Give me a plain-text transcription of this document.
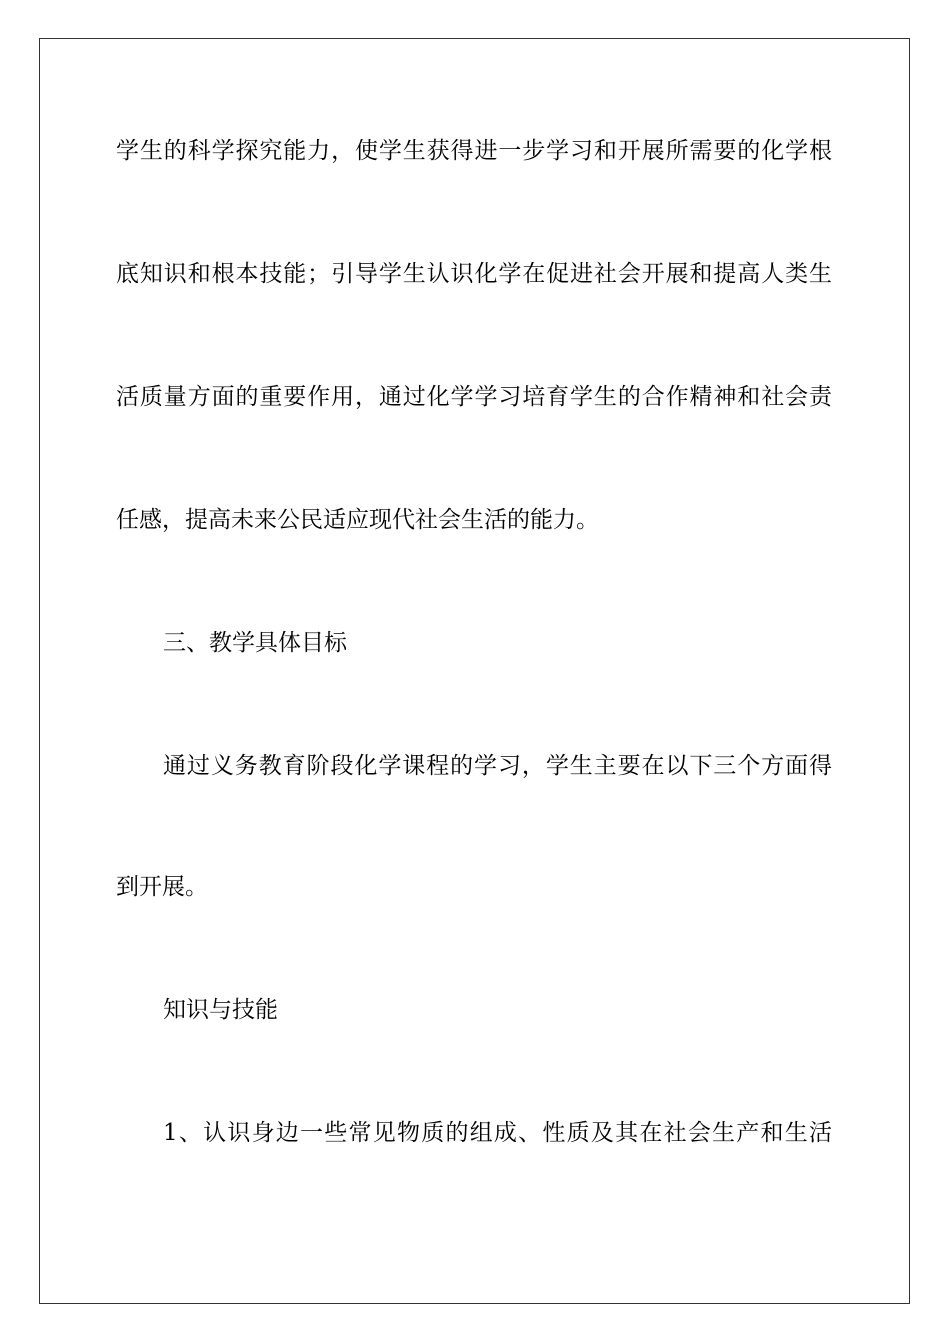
学生的科学探究能力，使学生获得进一步学习和开展所需要的化学根
底知识和根本技能；引导学生认识化学在促进社会开展和提高人类生
活质量方面的重要作用，通过化学学习培育学生的合作精神和社会责
任感，提高未来公民适应现代社会生活的能力。
三、教学具体目标
通过义务教育阶段化学课程的学习，学生主要在以下三个方面得
到开展。
知识与技能
1、认识身边一些常见物质的组成、性质及其在社会生产和生活
